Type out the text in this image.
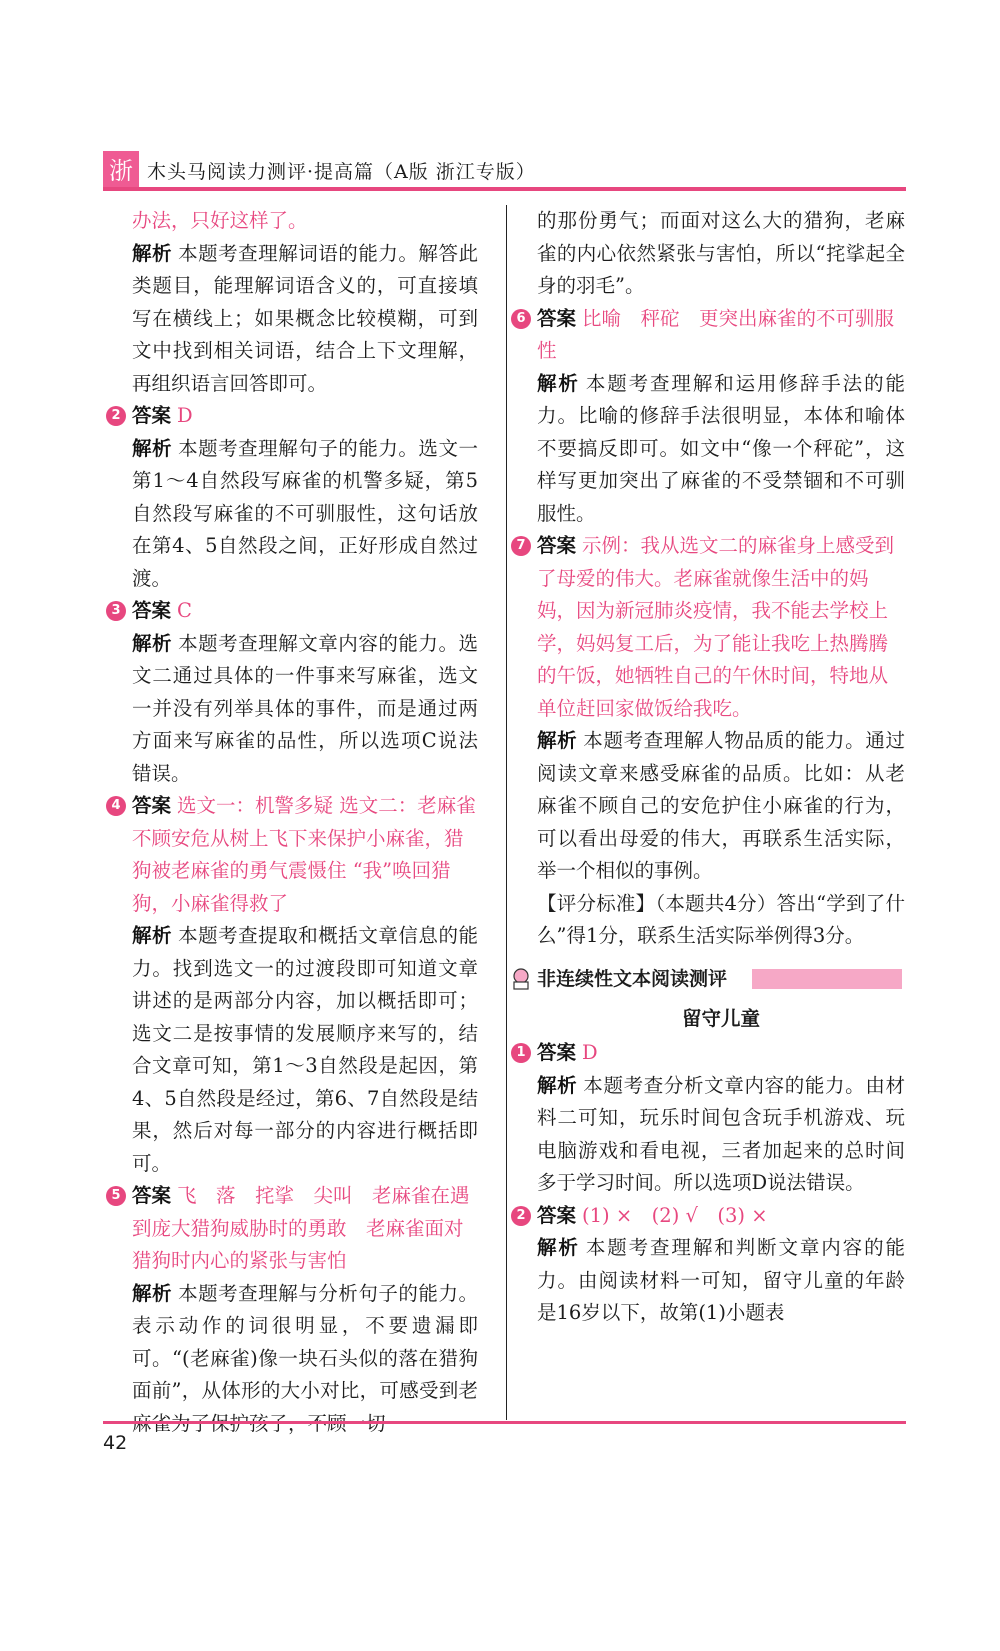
浙 木头马阅读力测评·提高篇（A版 浙江专版）

办法，只好这样了。

解析 本题考查理解词语的能力。解答此类题目，能理解词语含义的，可直接填写在横线上；如果概念比较模糊，可到文中找到相关词语，结合上下文理解，再组织语言回答即可。

2 答案 D

解析 本题考查理解句子的能力。选文一第1～4自然段写麻雀的机警多疑，第5自然段写麻雀的不可驯服性，这句话放在第4、5自然段之间，正好形成自然过渡。

3 答案 C

解析 本题考查理解文章内容的能力。选文二通过具体的一件事来写麻雀，选文一并没有列举具体的事件，而是通过两方面来写麻雀的品性，所以选项C说法错误。

4 答案 选文一：机警多疑 选文二：老麻雀不顾安危从树上飞下来保护小麻雀，猎狗被老麻雀的勇气震慑住 “我”唤回猎狗，小麻雀得救了

解析 本题考查提取和概括文章信息的能力。找到选文一的过渡段即可知道文章讲述的是两部分内容，加以概括即可；选文二是按事情的发展顺序来写的，结合文章可知，第1～3自然段是起因，第4、5自然段是经过，第6、7自然段是结果，然后对每一部分的内容进行概括即可。

5 答案 飞　落　挓挲　尖叫　老麻雀在遇到庞大猎狗威胁时的勇敢　老麻雀面对猎狗时内心的紧张与害怕

解析 本题考查理解与分析句子的能力。表示动作的词很明显，不要遗漏即可。“(老麻雀)像一块石头似的落在猎狗面前”，从体形的大小对比，可感受到老

的那份勇气；而面对这么大的猎狗，老麻雀的内心依然紧张与害怕，所以“挓挲起全身的羽毛”。

6 答案 比喻　秤砣　更突出麻雀的不可驯服性

解析 本题考查理解和运用修辞手法的能力。比喻的修辞手法很明显，本体和喻体不要搞反即可。如文中“像一个秤砣”，这样写更加突出了麻雀的不受禁锢和不可驯服性。

7 答案 示例：我从选文二的麻雀身上感受到了母爱的伟大。老麻雀就像生活中的妈妈，因为新冠肺炎疫情，我不能去学校上学，妈妈复工后，为了能让我吃上热腾腾的午饭，她牺牲自己的午休时间，特地从单位赶回家做饭给我吃。

解析 本题考查理解人物品质的能力。通过阅读文章来感受麻雀的品质。比如：从老麻雀不顾自己的安危护住小麻雀的行为，可以看出母爱的伟大，再联系生活实际，举一个相似的事例。

【评分标准】（本题共4分）答出“学到了什么”得1分，联系生活实际举例得3分。

非连续性文本阅读测评

留守儿童

1 答案 D

解析 本题考查分析文章内容的能力。由材料二可知，玩乐时间包含玩手机游戏、玩电脑游戏和看电视，三者加起来的总时间多于学习时间。所以选项D说法错误。

2 答案 (1) ×　(2) √　(3) ×

解析 本题考查理解和判断文章内容的能力。由阅读材料一可知，留守儿童的年龄是16岁以下，故第(1)小题表

42
